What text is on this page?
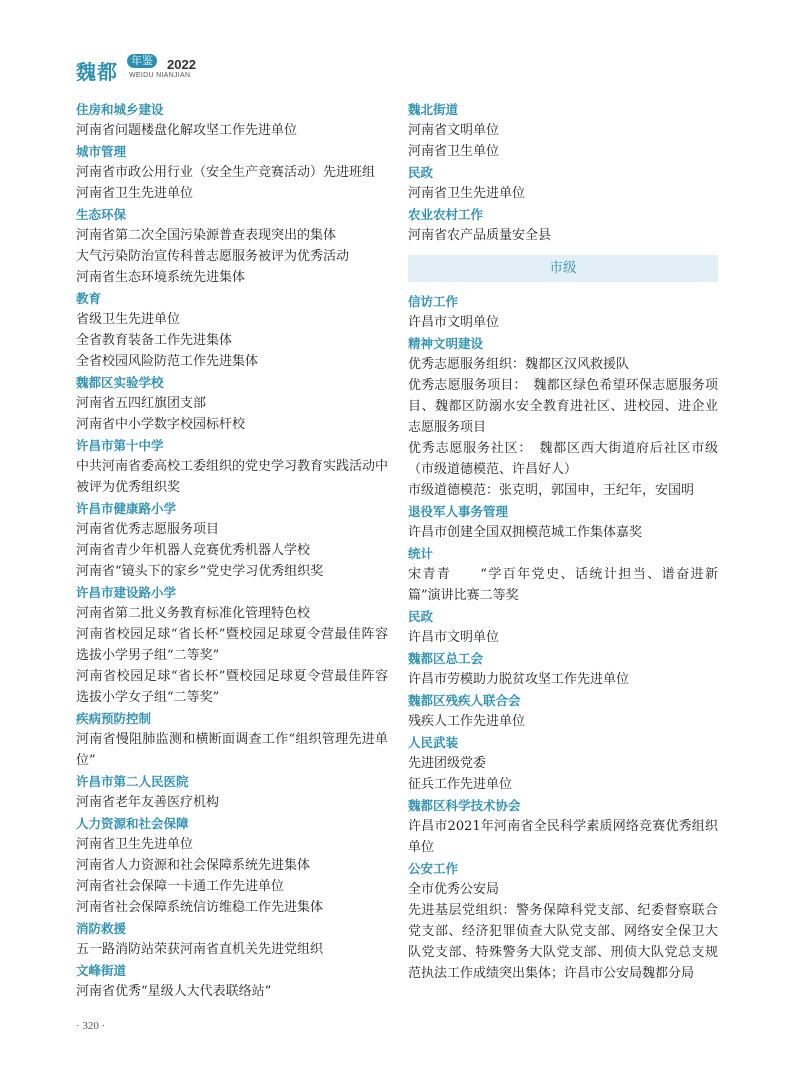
魏都	年鉴	2022
WEIDU NIANJIAN
住房和城乡建设
河南省问题楼盘化解攻坚工作先进单位
城市管理
河南省市政公用行业（安全生产竞赛活动）先进班组
河南省卫生先进单位
生态环保
河南省第二次全国污染源普查表现突出的集体
大气污染防治宣传科普志愿服务被评为优秀活动
河南省生态环境系统先进集体
教育
省级卫生先进单位
全省教育装备工作先进集体
全省校园风险防范工作先进集体
魏都区实验学校
河南省五四红旗团支部
河南省中小学数字校园标杆校
许昌市第十中学
中共河南省委高校工委组织的党史学习教育实践活动中被评为优秀组织奖
许昌市健康路小学
河南省优秀志愿服务项目
河南省青少年机器人竞赛优秀机器人学校
河南省“镜头下的家乡”党史学习优秀组织奖
许昌市建设路小学
河南省第二批义务教育标准化管理特色校
河南省校园足球“省长杯”暨校园足球夏令营最佳阵容选拔小学男子组“二等奖”
河南省校园足球“省长杯”暨校园足球夏令营最佳阵容选拔小学女子组“二等奖”
疾病预防控制
河南省慢阻肺监测和横断面调查工作“组织管理先进单位”
许昌市第二人民医院
河南省老年友善医疗机构
人力资源和社会保障
河南省卫生先进单位
河南省人力资源和社会保障系统先进集体
河南省社会保障一卡通工作先进单位
河南省社会保障系统信访维稳工作先进集体
消防救援
五一路消防站荣获河南省直机关先进党组织
文峰街道
河南省优秀“星级人大代表联络站”
魏北街道
河南省文明单位
河南省卫生单位
民政
河南省卫生先进单位
农业农村工作
河南省农产品质量安全县
市级
信访工作
许昌市文明单位
精神文明建设
优秀志愿服务组织：魏都区汉风救援队
优秀志愿服务项目：　魏都区绿色希望环保志愿服务项目、魏都区防溺水安全教育进社区、进校园、进企业志愿服务项目
优秀志愿服务社区：　魏都区西大街道府后社区市级（市级道德模范、许昌好人）
市级道德模范：张克明，郭国申，王纪年，安国明
退役军人事务管理
许昌市创建全国双拥模范城工作集体嘉奖
统计
宋青青　　“学百年党史、话统计担当、谱奋进新篇”演讲比赛二等奖
民政
许昌市文明单位
魏都区总工会
许昌市劳模助力脱贫攻坚工作先进单位
魏都区残疾人联合会
残疾人工作先进单位
人民武装
先进团级党委
征兵工作先进单位
魏都区科学技术协会
许昌市2021年河南省全民科学素质网络竞赛优秀组织单位
公安工作
全市优秀公安局
先进基层党组织：警务保障科党支部、纪委督察联合党支部、经济犯罪侦查大队党支部、网络安全保卫大队党支部、特殊警务大队党支部、刑侦大队党总支规范执法工作成绩突出集体；许昌市公安局魏都分局
· 320 ·
